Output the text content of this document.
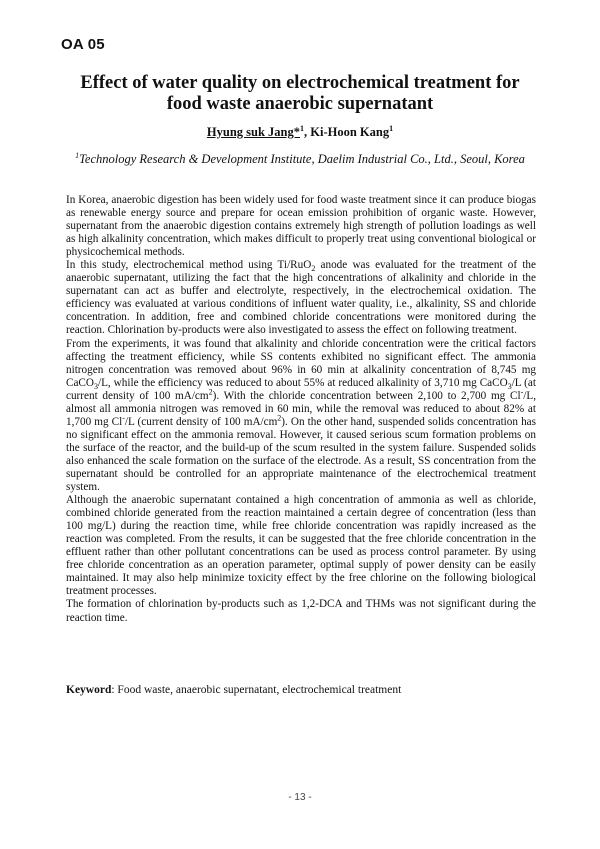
OA 05
Effect of water quality on electrochemical treatment for
food waste anaerobic supernatant
Hyung suk Jang*$^1$, Ki-Hoon Kang$^1$
$^1$Technology Research & Development Institute, Daelim Industrial Co., Ltd., Seoul, Korea

In Korea, anaerobic digestion has been widely used for food waste treatment since it can produce biogas as renewable energy source and prepare for ocean emission prohibition of organic waste. However, supernatant from the anaerobic digestion contains extremely high strength of pollution loadings as well as high alkalinity concentration, which makes difficult to properly treat using conventional biological or physicochemical methods.

In this study, electrochemical method using Ti/RuO$_2$ anode was evaluated for the treatment of the anaerobic supernatant, utilizing the fact that the high concentrations of alkalinity and chloride in the supernatant can act as buffer and electrolyte, respectively, in the electrochemical oxidation. The efficiency was evaluated at various conditions of influent water quality, i.e., alkalinity, SS and chloride concentration. In addition, free and combined chloride concentrations were monitored during the reaction. Chlorination by-products were also investigated to assess the effect on following treatment.

From the experiments, it was found that alkalinity and chloride concentration were the critical factors affecting the treatment efficiency, while SS contents exhibited no significant effect. The ammonia nitrogen concentration was removed about 96% in 60 min at alkalinity concentration of 8,745 mg CaCO$_3$/L, while the efficiency was reduced to about 55% at reduced alkalinity of 3,710 mg CaCO$_3$/L (at current density of 100 $mA/cm^2$). With the chloride concentration between 2,100 to 2,700 mg Cl-/L, almost all ammonia nitrogen was removed in 60 min, while the removal was reduced to about 82% at 1,700 mg Cl-/L (current density of 100 $mA/cm^2$). On the other hand, suspended solids concentration has no significant effect on the ammonia removal. However, it caused serious scum formation problems on the surface of the reactor, and the build-up of the scum resulted in the system failure. Suspended solids also enhanced the scale formation on the surface of the electrode. As a result, SS concentration from the supernatant should be controlled for an appropriate maintenance of the electrochemical treatment system.

Although the anaerobic supernatant contained a high concentration of ammonia as well as chloride, combined chloride generated from the reaction maintained a certain degree of concentration (less than 100 mg/L) during the reaction time, while free chloride concentration was rapidly increased as the reaction was completed. From the results, it can be suggested that the free chloride concentration in the effluent rather than other pollutant concentrations can be used as process control parameter. By using free chloride concentration as an operation parameter, optimal supply of power density can be easily maintained. It may also help minimize toxicity effect by the free chlorine on the following biological treatment processes.

The formation of chlorination by-products such as 1,2-DCA and THMs was not significant during the reaction time.

Keyword: Food waste, anaerobic supernatant, electrochemical treatment
- 13 -
